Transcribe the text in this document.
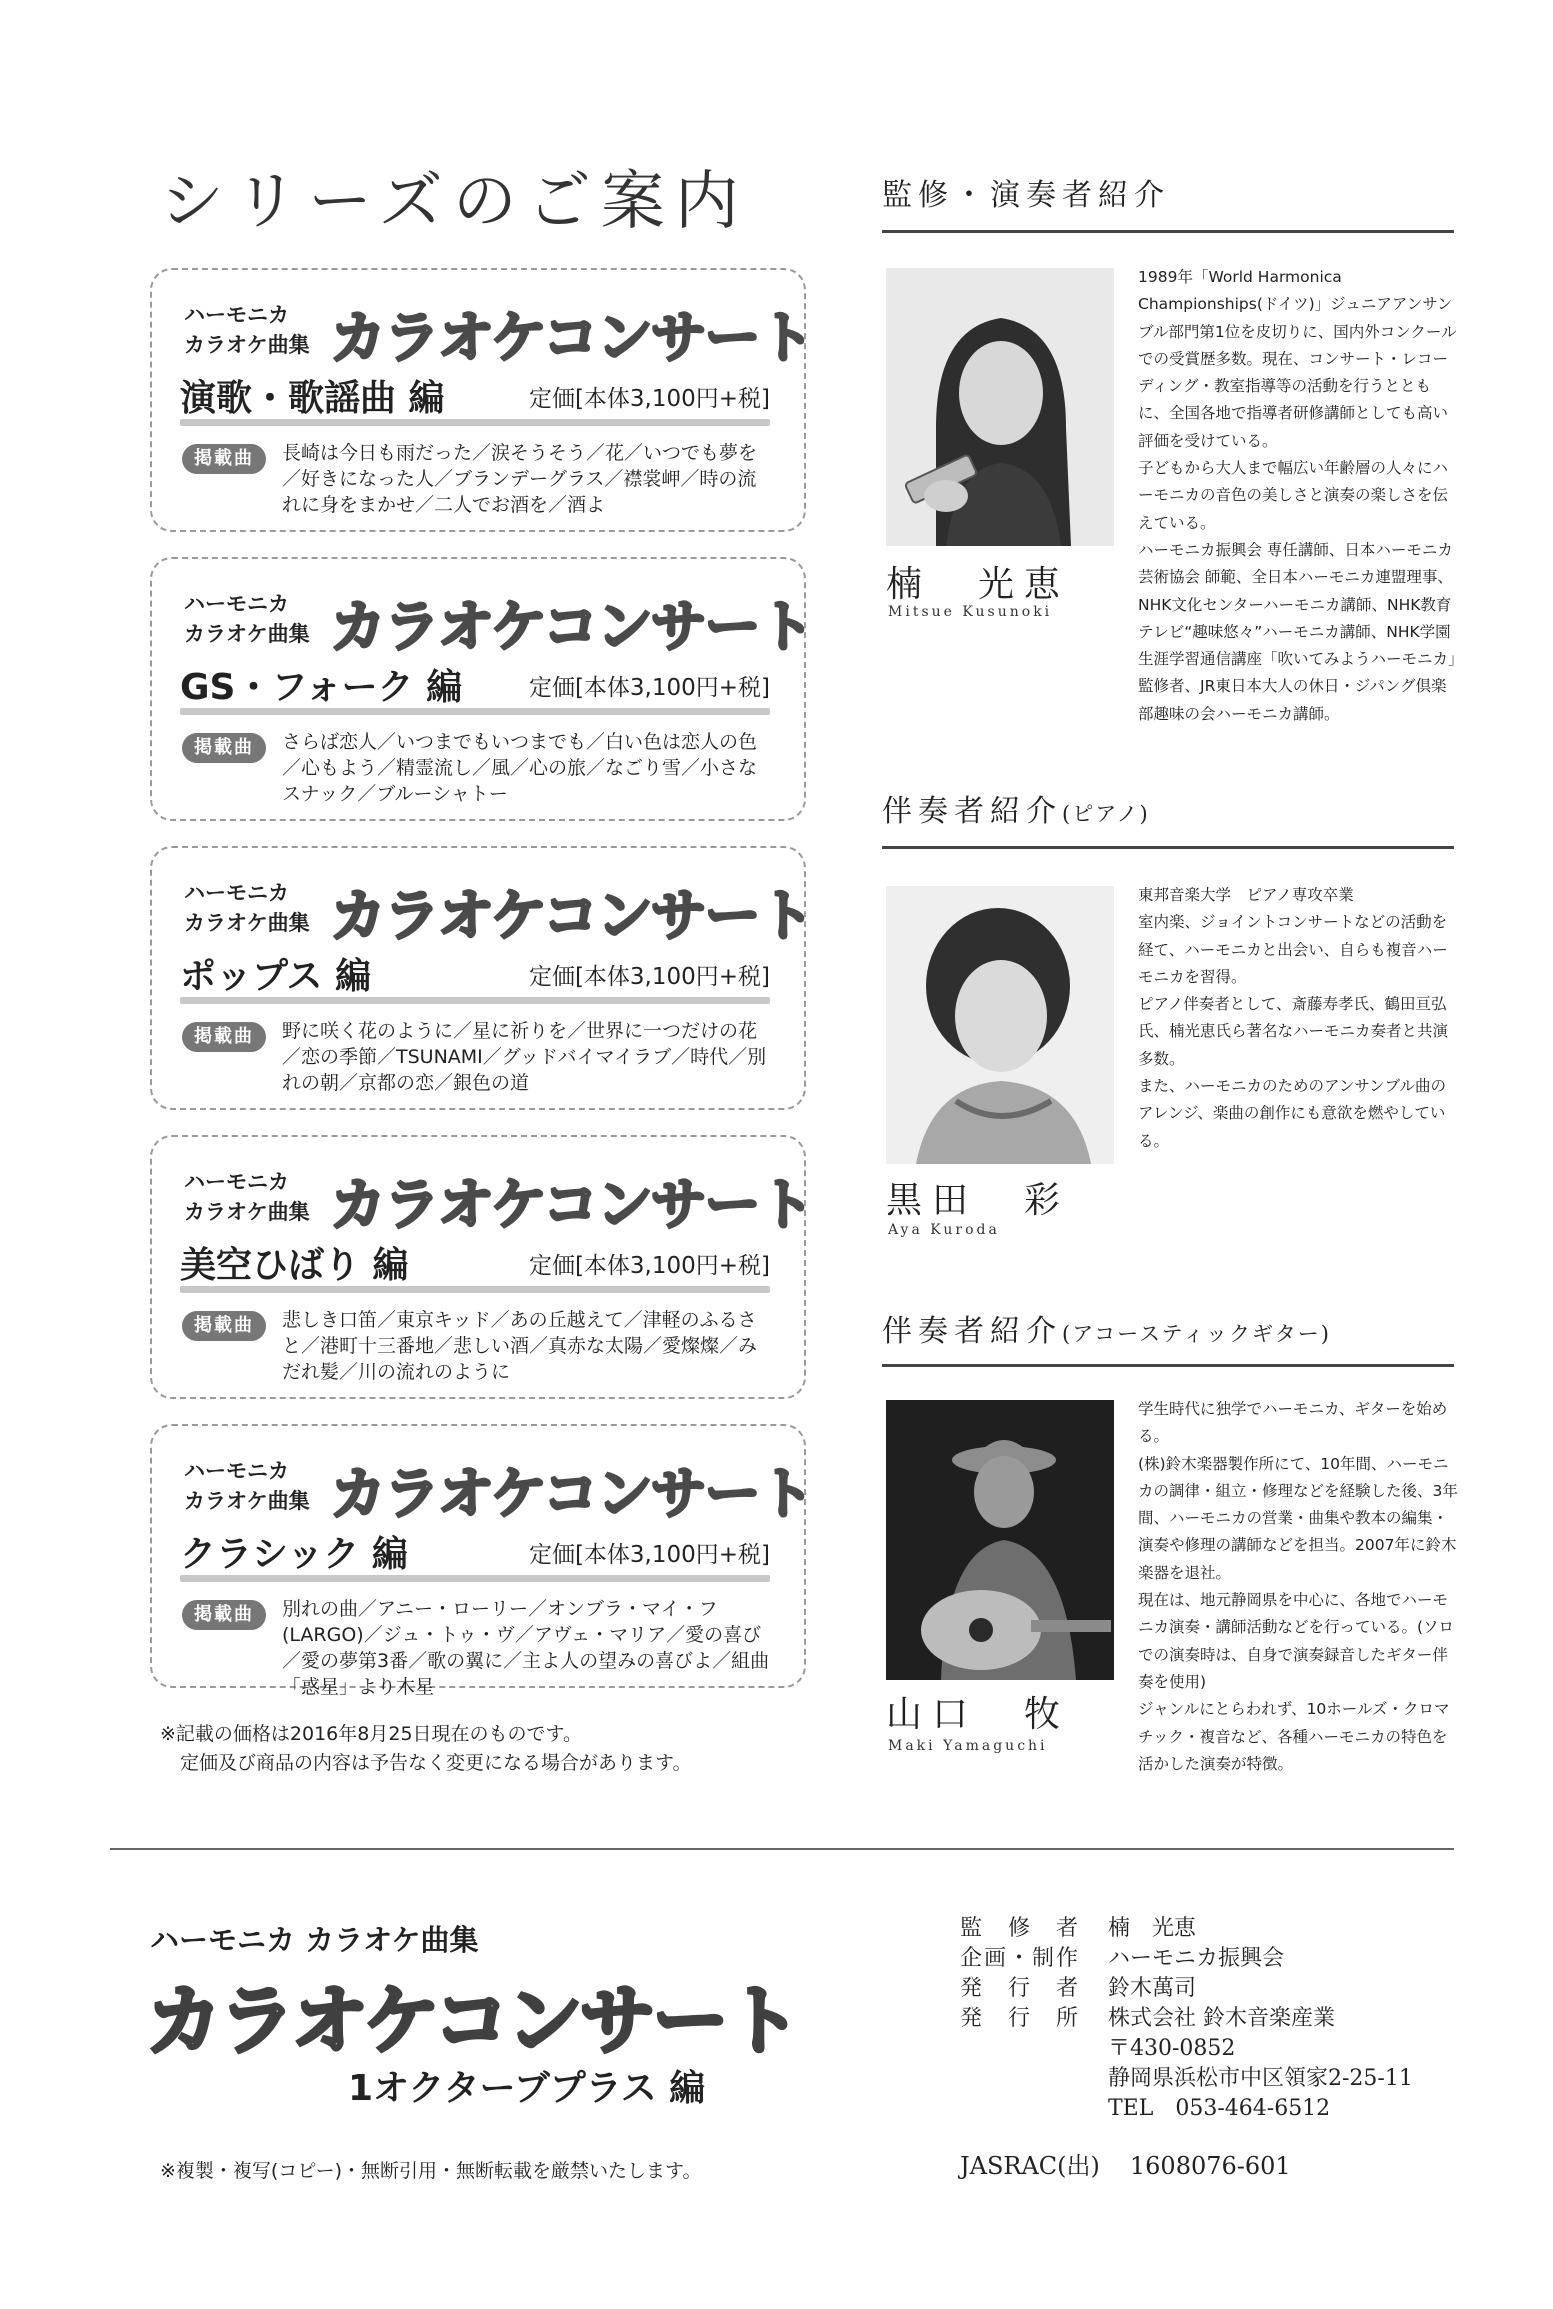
シリーズのご案内
ハーモニカ
カラオケ曲集 カラオケコンサート
演歌・歌謡曲 編	定価[本体3,100円+税]
掲載曲	長崎は今日も雨だった／涙そうそう／花／いつでも夢を／好きになった人／ブランデーグラス／襟裳岬／時の流れに身をまかせ／二人でお酒を／酒よ
ハーモニカ
カラオケ曲集 カラオケコンサート
GS・フォーク 編	定価[本体3,100円+税]
掲載曲	さらば恋人／いつまでもいつまでも／白い色は恋人の色／心もよう／精霊流し／風／心の旅／なごり雪／小さなスナック／ブルーシャトー
ハーモニカ
カラオケ曲集 カラオケコンサート
ポップス 編	定価[本体3,100円+税]
掲載曲	野に咲く花のように／星に祈りを／世界に一つだけの花／恋の季節／TSUNAMI／グッドバイマイラブ／時代／別れの朝／京都の恋／銀色の道
ハーモニカ
カラオケ曲集 カラオケコンサート
美空ひばり 編	定価[本体3,100円+税]
掲載曲	悲しき口笛／東京キッド／あの丘越えて／津軽のふるさと／港町十三番地／悲しい酒／真赤な太陽／愛燦燦／みだれ髪／川の流れのように
ハーモニカ
カラオケ曲集 カラオケコンサート
クラシック 編	定価[本体3,100円+税]
掲載曲	別れの曲／アニー・ローリー／オンブラ・マイ・フ(LARGO)／ジュ・トゥ・ヴ／アヴェ・マリア／愛の喜び／愛の夢第3番／歌の翼に／主よ人の望みの喜びよ／組曲「惑星」より木星

※記載の価格は2016年8月25日現在のものです。

定価及び商品の内容は予告なく変更になる場合があります。

監修・演奏者紹介
楠　光恵
Mitsue Kusunoki

1989年「World Harmonica Championships(ドイツ)」ジュニアアンサンブル部門第1位を皮切りに、国内外コンクールでの受賞歴多数。現在、コンサート・レコーディング・教室指導等の活動を行うとともに、全国各地で指導者研修講師としても高い評価を受けている。

子どもから大人まで幅広い年齢層の人々にハーモニカの音色の美しさと演奏の楽しさを伝えている。

ハーモニカ振興会 専任講師、日本ハーモニカ芸術協会 師範、全日本ハーモニカ連盟理事、NHK文化センターハーモニカ講師、NHK教育テレビ“趣味悠々”ハーモニカ講師、NHK学園生涯学習通信講座「吹いてみようハーモニカ」監修者、JR東日本大人の休日・ジパング倶楽部趣味の会ハーモニカ講師。

伴奏者紹介(ピアノ)
黒田　彩
Aya Kuroda

東邦音楽大学　ピアノ専攻卒業

室内楽、ジョイントコンサートなどの活動を経て、ハーモニカと出会い、自らも複音ハーモニカを習得。

ピアノ伴奏者として、斎藤寿孝氏、鶴田亘弘氏、楠光恵氏ら著名なハーモニカ奏者と共演多数。

また、ハーモニカのためのアンサンブル曲のアレンジ、楽曲の創作にも意欲を燃やしている。

伴奏者紹介(アコースティックギター)
山口　牧
Maki Yamaguchi

学生時代に独学でハーモニカ、ギターを始める。

(株)鈴木楽器製作所にて、10年間、ハーモニカの調律・組立・修理などを経験した後、3年間、ハーモニカの営業・曲集や教本の編集・演奏や修理の講師などを担当。2007年に鈴木楽器を退社。

現在は、地元静岡県を中心に、各地でハーモニカ演奏・講師活動などを行っている。(ソロでの演奏時は、自身で演奏録音したギター伴奏を使用)

ジャンルにとらわれず、10ホールズ・クロマチック・複音など、各種ハーモニカの特色を活かした演奏が特徴。

ハーモニカ カラオケ曲集
カラオケコンサート
1オクターブプラス 編
※複製・複写(コピー)・無断引用・無断転載を厳禁いたします。
監　修　者	楠　光恵
企画・制作	ハーモニカ振興会
発　行　者	鈴木萬司
発　行　所	株式会社 鈴木音楽産業
〒430-0852
静岡県浜松市中区領家2-25-11
TEL　053-464-6512
JASRAC(出) 1608076-601
